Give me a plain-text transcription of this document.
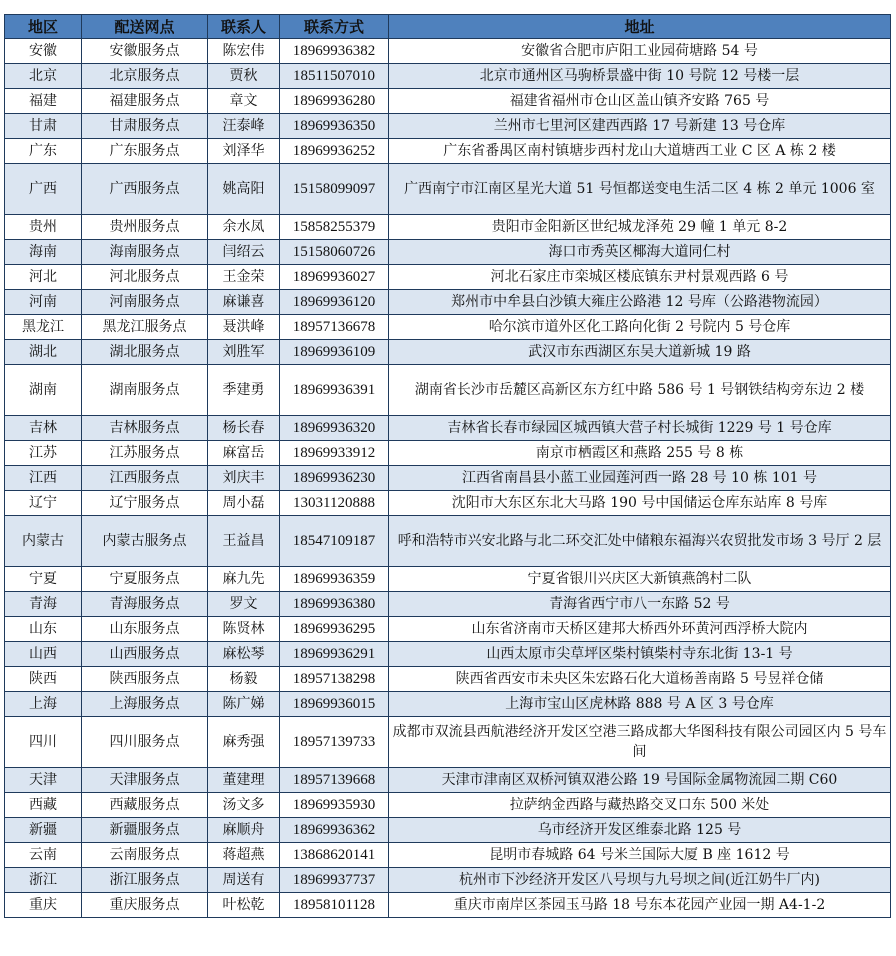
地区	配送网点	联系人	联系方式	地址
安徽	安徽服务点	陈宏伟	18969936382	安徽省合肥市庐阳工业园荷塘路 54 号
北京	北京服务点	贾秋	18511507010	北京市通州区马驹桥景盛中街 10 号院 12 号楼一层
福建	福建服务点	章文	18969936280	福建省福州市仓山区盖山镇齐安路 765 号
甘肃	甘肃服务点	汪泰峰	18969936350	兰州市七里河区建西西路 17 号新建 13 号仓库
广东	广东服务点	刘泽华	18969936252	广东省番禺区南村镇塘步西村龙山大道塘西工业 C 区 A 栋 2 楼
广西	广西服务点	姚高阳	15158099097	广西南宁市江南区星光大道 51 号恒都送变电生活二区 4 栋 2 单元 1006 室
贵州	贵州服务点	余水凤	15858255379	贵阳市金阳新区世纪城龙泽苑 29 幢 1 单元 8-2
海南	海南服务点	闫绍云	15158060726	海口市秀英区椰海大道同仁村
河北	河北服务点	王金荣	18969936027	河北石家庄市栾城区楼底镇东尹村景观西路 6 号
河南	河南服务点	麻谦喜	18969936120	郑州市中牟县白沙镇大雍庄公路港 12 号库（公路港物流园）
黑龙江	黑龙江服务点	聂洪峰	18957136678	哈尔滨市道外区化工路向化街 2 号院内 5 号仓库
湖北	湖北服务点	刘胜军	18969936109	武汉市东西湖区东吴大道新城 19 路
湖南	湖南服务点	季建勇	18969936391	湖南省长沙市岳麓区高新区东方红中路 586 号 1 号钢铁结构旁东边 2 楼
吉林	吉林服务点	杨长春	18969936320	吉林省长春市绿园区城西镇大营子村长城街 1229 号 1 号仓库
江苏	江苏服务点	麻富岳	18969933912	南京市栖霞区和燕路 255 号 8 栋
江西	江西服务点	刘庆丰	18969936230	江西省南昌县小蓝工业园莲河西一路 28 号 10 栋 101 号
辽宁	辽宁服务点	周小磊	13031120888	沈阳市大东区东北大马路 190 号中国储运仓库东站库 8 号库
内蒙古	内蒙古服务点	王益昌	18547109187	呼和浩特市兴安北路与北二环交汇处中储粮东福海兴农贸批发市场 3 号厅 2 层
宁夏	宁夏服务点	麻九先	18969936359	宁夏省银川兴庆区大新镇燕鸽村二队
青海	青海服务点	罗文	18969936380	青海省西宁市八一东路 52 号
山东	山东服务点	陈贤林	18969936295	山东省济南市天桥区建邦大桥西外环黄河西浮桥大院内
山西	山西服务点	麻松琴	18969936291	山西太原市尖草坪区柴村镇柴村寺东北街 13-1 号
陕西	陕西服务点	杨毅	18957138298	陕西省西安市未央区朱宏路石化大道杨善南路 5 号昱祥仓储
上海	上海服务点	陈广娣	18969936015	上海市宝山区虎林路 888 号 A 区 3 号仓库
四川	四川服务点	麻秀强	18957139733	成都市双流县西航港经济开发区空港三路成都大华图科技有限公司园区内 5 号车间
天津	天津服务点	董建理	18957139668	天津市津南区双桥河镇双港公路 19 号国际金属物流园二期 C60
西藏	西藏服务点	汤文多	18969935930	拉萨纳金西路与藏热路交叉口东 500 米处
新疆	新疆服务点	麻顺舟	18969936362	乌市经济开发区维泰北路 125 号
云南	云南服务点	蒋超燕	13868620141	昆明市春城路 64 号米兰国际大厦 B 座 1612 号
浙江	浙江服务点	周送有	18969937737	杭州市下沙经济开发区八号坝与九号坝之间(近江奶牛厂内)
重庆	重庆服务点	叶松乾	18958101128	重庆市南岸区茶园玉马路 18 号东本花园产业园一期 A4-1-2
